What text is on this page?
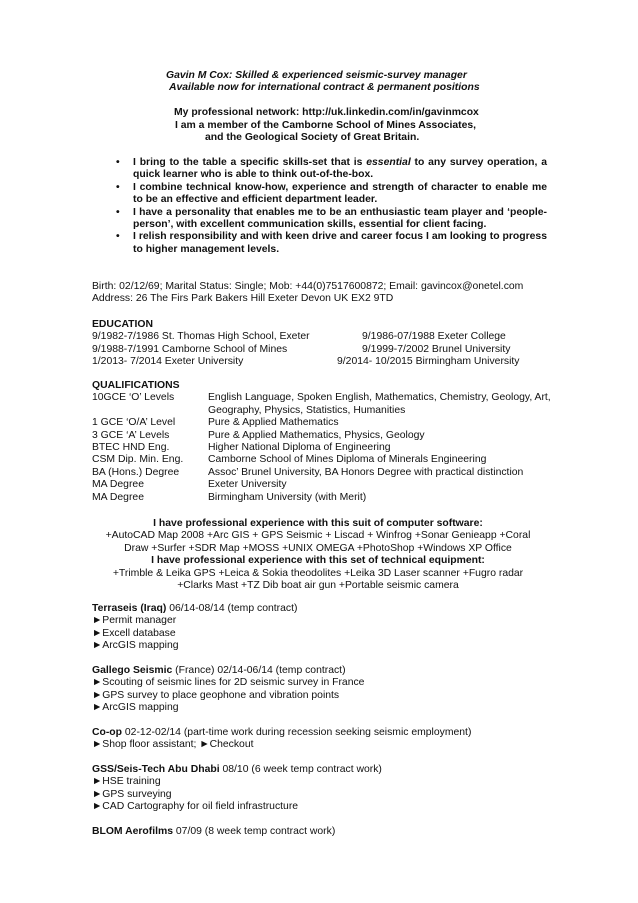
Gavin M Cox: Skilled & experienced seismic-survey manager
Available now for international contract & permanent positions
My professional network: http://uk.linkedin.com/in/gavinmcox
I am a member of the Camborne School of Mines Associates,
and the Geological Society of Great Britain.
• I bring to the table a specific skills-set that is essential to any survey operation, a quick learner who is able to think out-of-the-box.
• I combine technical know-how, experience and strength of character to enable me to be an effective and efficient department leader.
• I have a personality that enables me to be an enthusiastic team player and ‘people-person’, with excellent communication skills, essential for client facing.
• I relish responsibility and with keen drive and career focus I am looking to progress to higher management levels.
Birth: 02/12/69; Marital Status: Single; Mob: +44(0)7517600872; Email: gavincox@onetel.com
Address: 26 The Firs Park Bakers Hill Exeter Devon UK EX2 9TD
EDUCATION
9/1982-7/1986 St. Thomas High School, Exeter	9/1986-07/1988 Exeter College
9/1988-7/1991 Camborne School of Mines	9/1999-7/2002 Brunel University
1/2013- 7/2014 Exeter University	9/2014- 10/2015 Birmingham University
QUALIFICATIONS
10GCE ‘O’ Levels	English Language, Spoken English, Mathematics, Chemistry, Geology, Art, Geography, Physics, Statistics, Humanities
1 GCE ‘O/A’ Level	Pure & Applied Mathematics
3 GCE ‘A’ Levels	Pure & Applied Mathematics, Physics, Geology
BTEC HND Eng.	Higher National Diploma of Engineering
CSM Dip. Min. Eng.	Camborne School of Mines Diploma of Minerals Engineering
BA (Hons.) Degree	Assoc’ Brunel University, BA Honors Degree with practical distinction
MA Degree	Exeter University
MA Degree	Birmingham University (with Merit)
I have professional experience with this suit of computer software:
+AutoCAD Map 2008 +Arc GIS + GPS Seismic + Liscad + Winfrog +Sonar Genieapp +Coral
Draw +Surfer +SDR Map +MOSS +UNIX OMEGA +PhotoShop +Windows XP Office
I have professional experience with this set of technical equipment:
+Trimble & Leika GPS +Leica & Sokia theodolites +Leika 3D Laser scanner +Fugro radar
+Clarks Mast +TZ Dib boat air gun +Portable seismic camera
Terraseis (Iraq) 06/14-08/14 (temp contract)
►Permit manager
►Excell database
►ArcGIS mapping
Gallego Seismic (France) 02/14-06/14 (temp contract)
►Scouting of seismic lines for 2D seismic survey in France
►GPS survey to place geophone and vibration points
►ArcGIS mapping
Co-op 02-12-02/14 (part-time work during recession seeking seismic employment)
►Shop floor assistant; ►Checkout
GSS/Seis-Tech Abu Dhabi 08/10 (6 week temp contract work)
►HSE training
►GPS surveying
►CAD Cartography for oil field infrastructure
BLOM Aerofilms 07/09 (8 week temp contract work)
